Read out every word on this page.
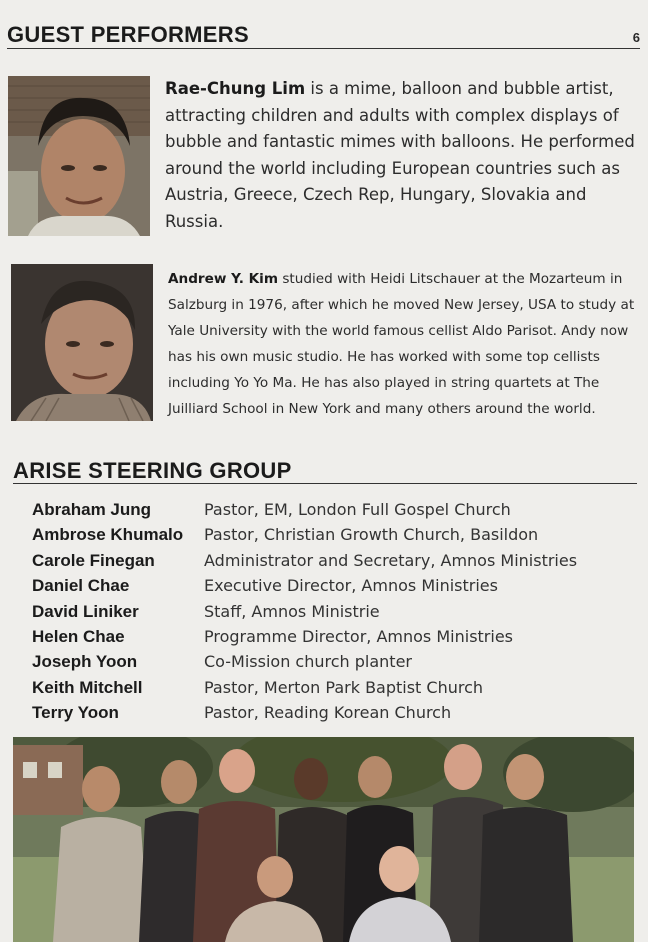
GUEST PERFORMERS	6
Rae-Chung Lim is a mime, balloon and bubble artist, attracting children and adults with complex displays of bubble and fantastic mimes with balloons. He performed around the world including European countries such as Austria, Greece, Czech Rep, Hungary, Slovakia and Russia.
Andrew Y. Kim studied with Heidi Litschauer at the Mozarteum in Salzburg in 1976, after which he moved New Jersey, USA to study at Yale University with the world famous cellist Aldo Parisot. Andy now has his own music studio. He has worked with some top cellists including Yo Yo Ma. He has also played in string quartets at The Juilliard School in New York and many others around the world.
ARISE STEERING GROUP
Abraham Jung	Pastor, EM, London Full Gospel Church
Ambrose Khumalo	Pastor, Christian Growth Church, Basildon
Carole Finegan	Administrator and Secretary, Amnos Ministries
Daniel Chae	Executive Director, Amnos Ministries
David Liniker	Staff, Amnos Ministrie
Helen Chae	Programme Director, Amnos Ministries
Joseph Yoon	Co-Mission church planter
Keith Mitchell	Pastor, Merton Park Baptist Church
Terry Yoon	Pastor, Reading Korean Church
